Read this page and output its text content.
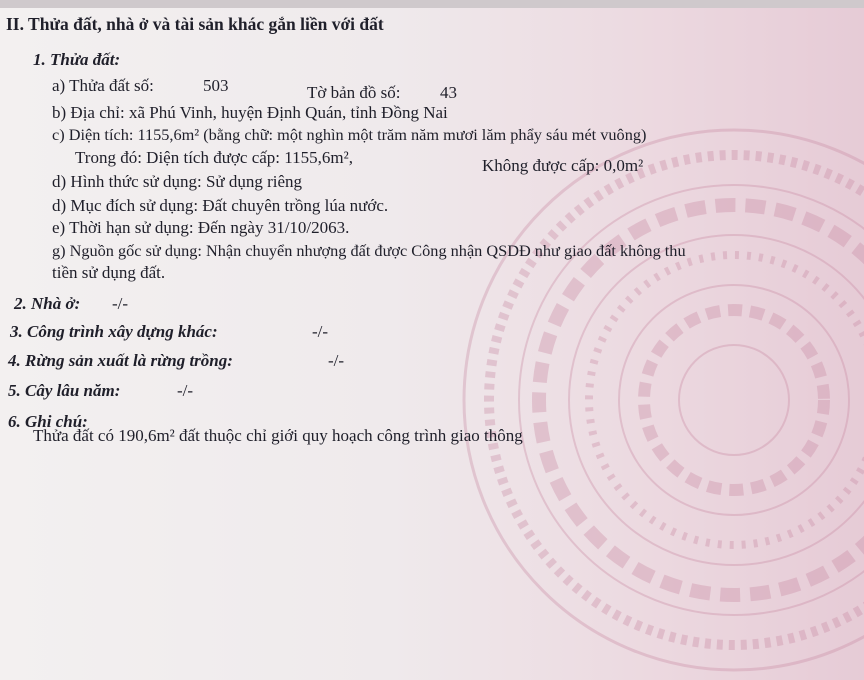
II. Thửa đất, nhà ở và tài sản khác gắn liền với đất
1. Thửa đất:
a) Thửa đất số:	503	Tờ bản đồ số: 43
b) Địa chỉ: xã Phú Vinh, huyện Định Quán, tỉnh Đồng Nai
c) Diện tích: 1155,6m² (bằng chữ: một nghìn một trăm năm mươi lăm phẩy sáu mét vuông)
Trong đó: Diện tích được cấp: 1155,6m²,	Không được cấp: 0,0m²
d) Hình thức sử dụng: Sử dụng riêng
d) Mục đích sử dụng: Đất chuyên trồng lúa nước.
e) Thời hạn sử dụng: Đến ngày 31/10/2063.
g) Nguồn gốc sử dụng: Nhận chuyển nhượng đất được Công nhận QSDĐ như giao đất không thu
tiền sử dụng đất.
2. Nhà ở: -/-
3. Công trình xây dựng khác:	-/-
4. Rừng sản xuất là rừng trồng:	-/-
5. Cây lâu năm:	-/-
6. Ghi chú:
Thửa đất có 190,6m² đất thuộc chỉ giới quy hoạch công trình giao thông
